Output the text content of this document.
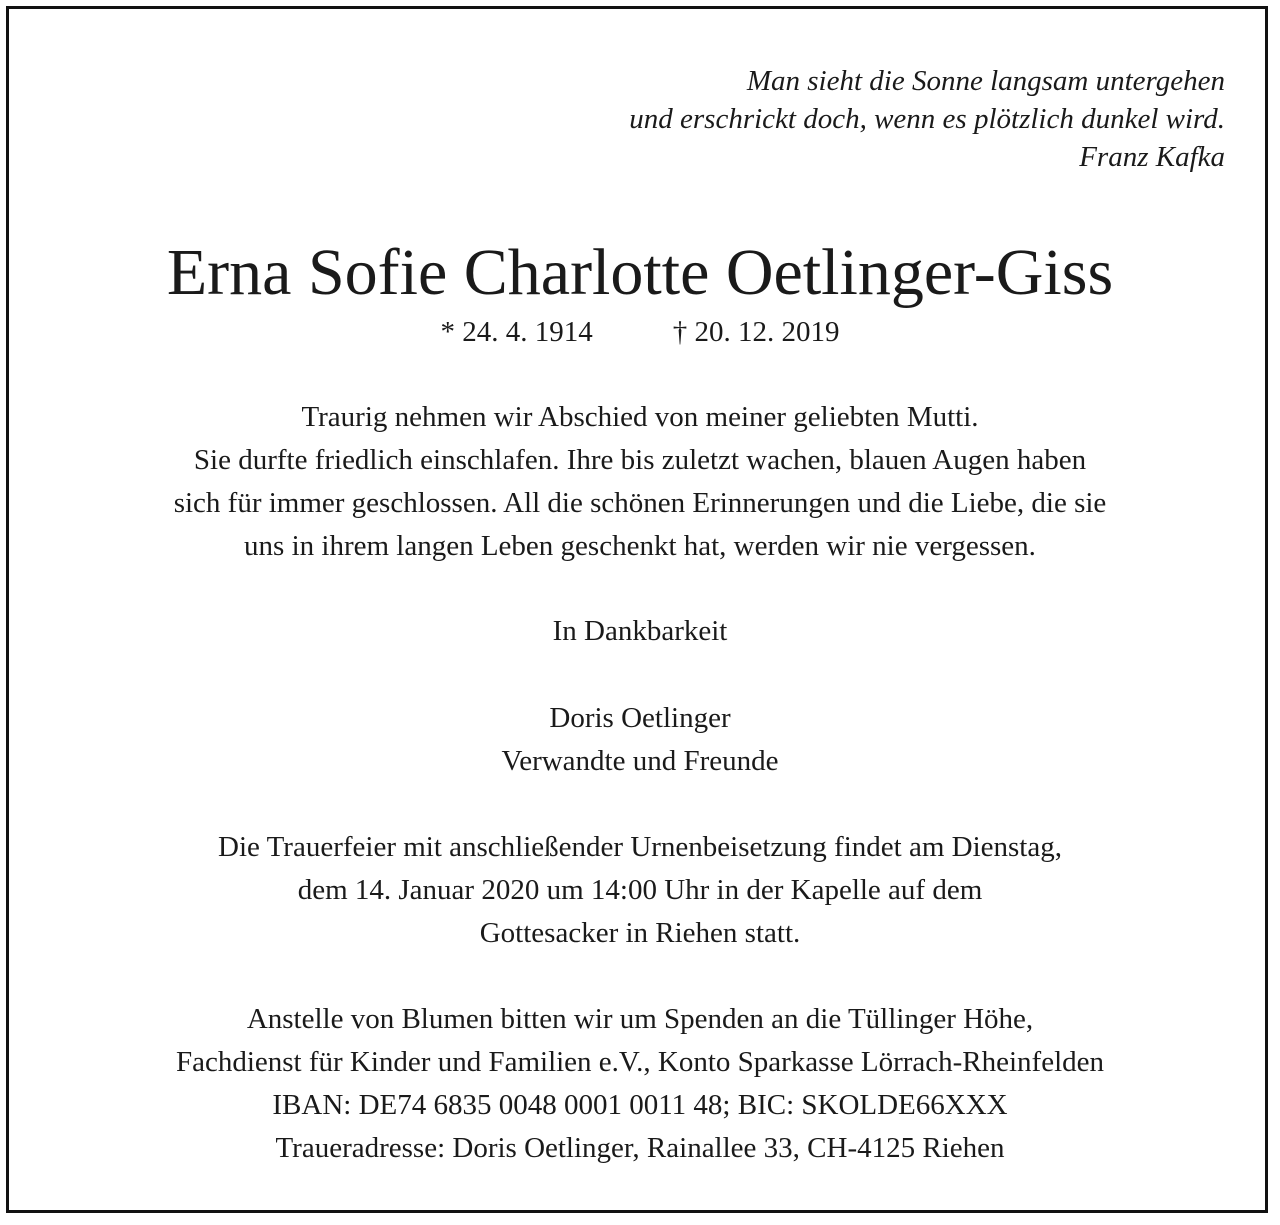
Man sieht die Sonne langsam untergehen
und erschrickt doch, wenn es plötzlich dunkel wird.
Franz Kafka
Erna Sofie Charlotte Oetlinger-Giss
* 24. 4. 1914	† 20. 12. 2019
Traurig nehmen wir Abschied von meiner geliebten Mutti.
Sie durfte friedlich einschlafen. Ihre bis zuletzt wachen, blauen Augen haben
sich für immer geschlossen. All die schönen Erinnerungen und die Liebe, die sie
uns in ihrem langen Leben geschenkt hat, werden wir nie vergessen.
In Dankbarkeit
Doris Oetlinger
Verwandte und Freunde
Die Trauerfeier mit anschließender Urnenbeisetzung findet am Dienstag,
dem 14. Januar 2020 um 14:00 Uhr in der Kapelle auf dem
Gottesacker in Riehen statt.
Anstelle von Blumen bitten wir um Spenden an die Tüllinger Höhe,
Fachdienst für Kinder und Familien e.V., Konto Sparkasse Lörrach-Rheinfelden
IBAN: DE74 6835 0048 0001 0011 48; BIC: SKOLDE66XXX
Traueradresse: Doris Oetlinger, Rainallee 33, CH-4125 Riehen
